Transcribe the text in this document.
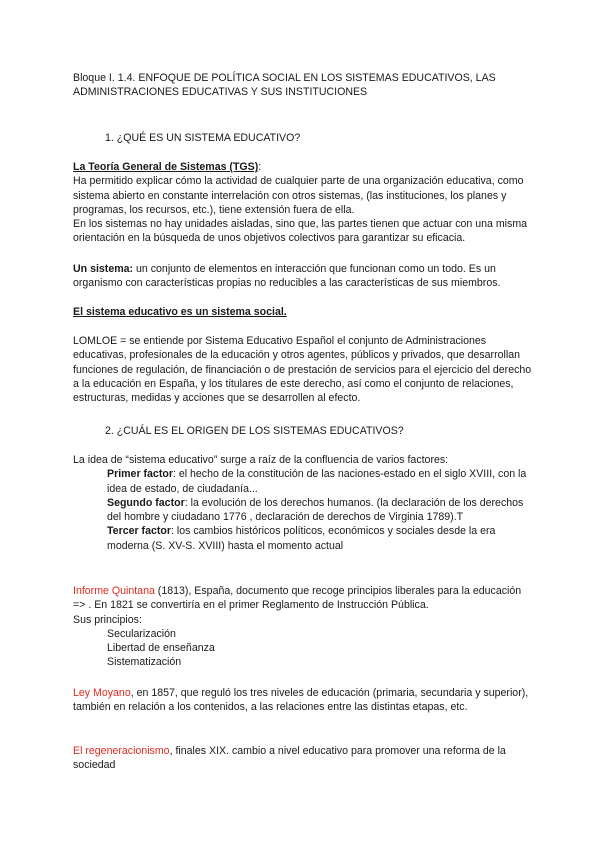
Bloque I. 1.4. ENFOQUE DE POLÍTICA SOCIAL EN LOS SISTEMAS EDUCATIVOS, LAS

ADMINISTRACIONES EDUCATIVAS Y SUS INSTITUCIONES

1. ¿QUÉ ES UN SISTEMA EDUCATIVO?

La Teoría General de Sistemas (TGS):

Ha permitido explicar cómo la actividad de cualquier parte de una organización educativa, como sistema abierto en constante interrelación con otros sistemas, (las instituciones, los planes y programas, los recursos, etc.), tiene extensión fuera de ella.

En los sistemas no hay unidades aisladas, sino que, las partes tienen que actuar con una misma orientación en la búsqueda de unos objetivos colectivos para garantizar su eficacia.

Un sistema: un conjunto de elementos en interacción que funcionan como un todo. Es un organismo con características propias no reducibles a las características de sus miembros.

El sistema educativo es un sistema social.

LOMLOE = se entiende por Sistema Educativo Español el conjunto de Administraciones educativas, profesionales de la educación y otros agentes, públicos y privados, que desarrollan funciones de regulación, de financiación o de prestación de servicios para el ejercicio del derecho a la educación en España, y los titulares de este derecho, así como el conjunto de relaciones, estructuras, medidas y acciones que se desarrollen al efecto.
2. ¿CUÁL ES EL ORIGEN DE LOS SISTEMAS EDUCATIVOS?

La idea de “sistema educativo” surge a raíz de la confluencia de varios factores:

Primer factor: el hecho de la constitución de las naciones-estado en el siglo XVIII, con la idea de estado, de ciudadanía...

Segundo factor: la evolución de los derechos humanos. (la declaración de los derechos del hombre y ciudadano 1776 , declaración de derechos de Virginia 1789).T

Tercer factor: los cambios históricos políticos, económicos y sociales desde la era moderna (S. XV-S. XVIII) hasta el momento actual

Informe Quintana (1813), España, documento que recoge principios liberales para la educación => . En 1821 se convertiría en el primer Reglamento de Instrucción Pública.

Sus principios:

Secularización

Libertad de enseñanza

Sistematización

Ley Moyano, en 1857, que reguló los tres niveles de educación (primaria, secundaria y superior), también en relación a los contenidos, a las relaciones entre las distintas etapas, etc.

El regeneracionismo, finales XIX. cambio a nivel educativo para promover una reforma de la sociedad
